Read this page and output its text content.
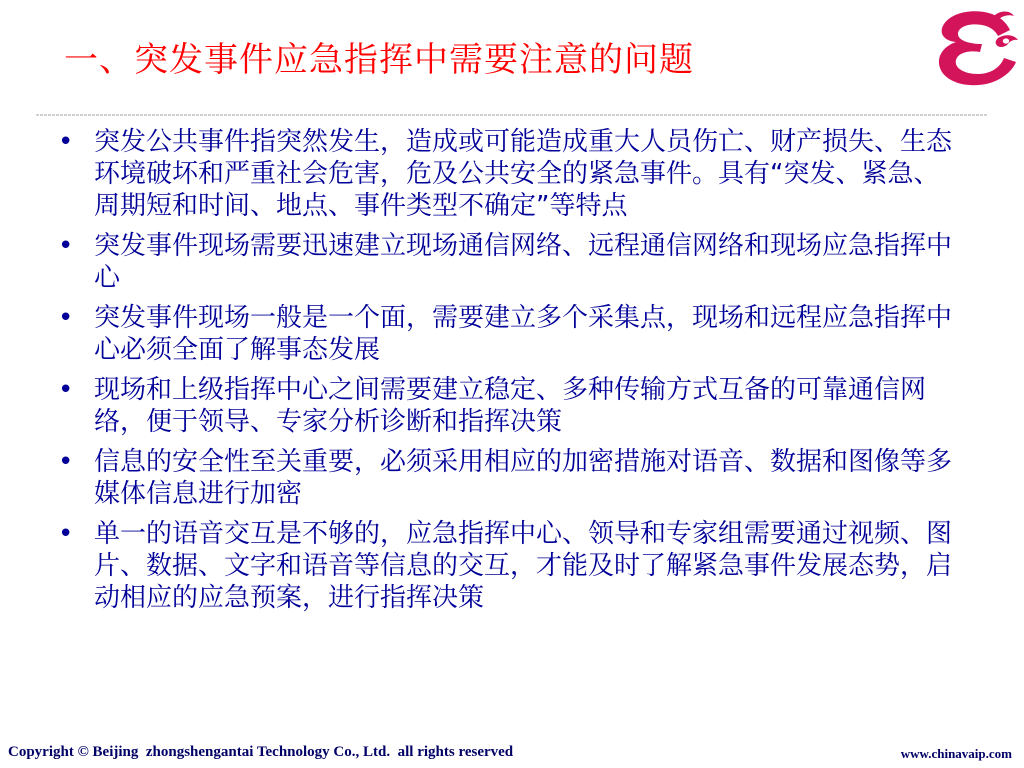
一、突发事件应急指挥中需要注意的问题
• 突发公共事件指突然发生，造成或可能造成重大人员伤亡、财产损失、生态环境破坏和严重社会危害，危及公共安全的紧急事件。具有“突发、紧急、周期短和时间、地点、事件类型不确定”等特点
• 突发事件现场需要迅速建立现场通信网络、远程通信网络和现场应急指挥中心
• 突发事件现场一般是一个面，需要建立多个采集点，现场和远程应急指挥中心必须全面了解事态发展
• 现场和上级指挥中心之间需要建立稳定、多种传输方式互备的可靠通信网络，便于领导、专家分析诊断和指挥决策
• 信息的安全性至关重要，必须采用相应的加密措施对语音、数据和图像等多媒体信息进行加密
• 单一的语音交互是不够的，应急指挥中心、领导和专家组需要通过视频、图片、数据、文字和语音等信息的交互，才能及时了解紧急事件发展态势，启动相应的应急预案，进行指挥决策
Copyright © Beijing  zhongshengantai Technology Co., Ltd.  all rights reserved	www.chinavaip.com
